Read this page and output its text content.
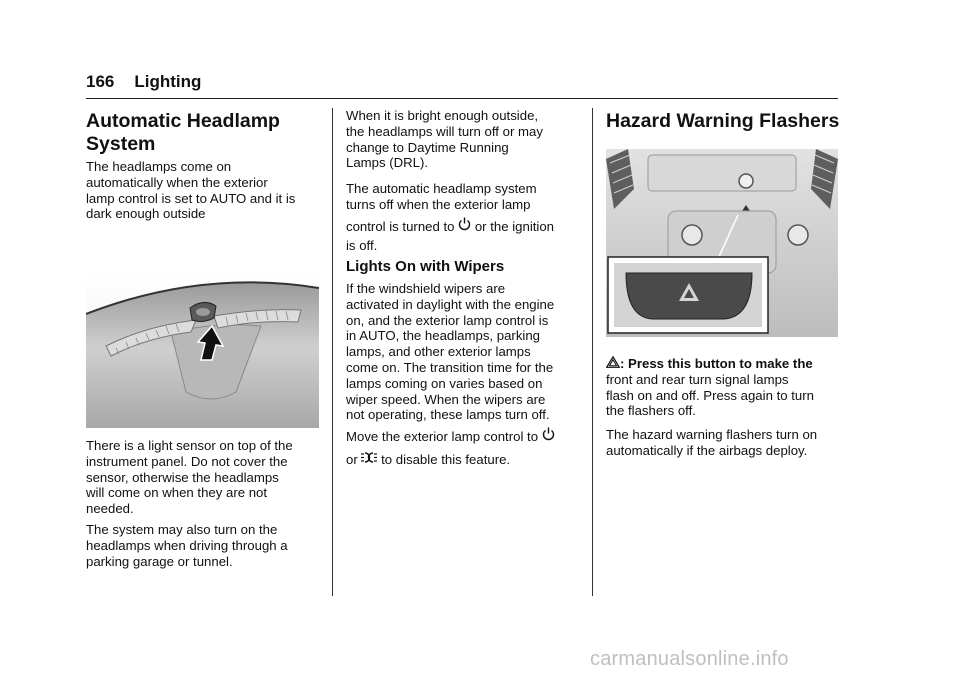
166 Lighting
Automatic Headlamp
System
The headlamps come on
automatically when the exterior
lamp control is set to AUTO and it is
dark enough outside
There is a light sensor on top of the
instrument panel. Do not cover the
sensor, otherwise the headlamps
will come on when they are not
needed.
The system may also turn on the
headlamps when driving through a
parking garage or tunnel.
When it is bright enough outside,
the headlamps will turn off or may
change to Daytime Running
Lamps (DRL).
The automatic headlamp system
turns off when the exterior lamp
control is turned to or the ignition
is off.
Lights On with Wipers
If the windshield wipers are
activated in daylight with the engine
on, and the exterior lamp control is
in AUTO, the headlamps, parking
lamps, and other exterior lamps
come on. The transition time for the
lamps coming on varies based on
wiper speed. When the wipers are
not operating, these lamps turn off.
Move the exterior lamp control to
or to disable this feature.
Hazard Warning Flashers
: Press this button to make the
front and rear turn signal lamps
flash on and off. Press again to turn
the flashers off.
The hazard warning flashers turn on
automatically if the airbags deploy.
carmanualsonline.info
